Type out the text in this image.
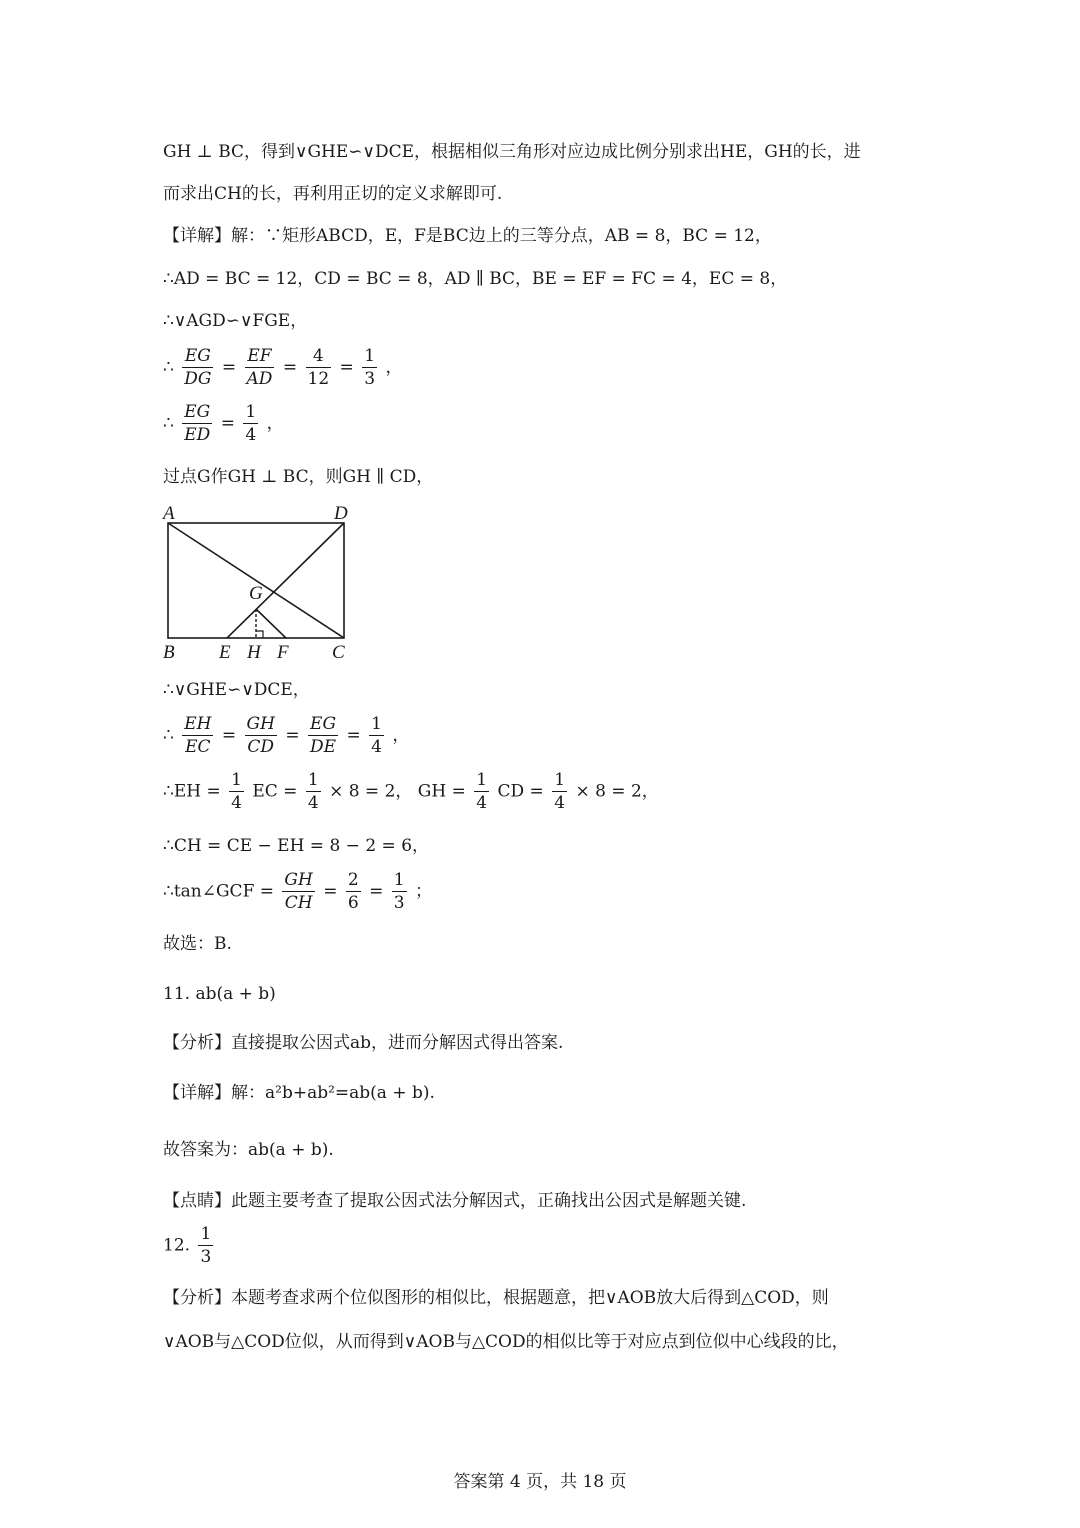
GH ⊥ BC，得到∨GHE∽∨DCE，根据相似三角形对应边成比例分别求出HE，GH的长，进
而求出CH的长，再利用正切的定义求解即可.
【详解】解：∵矩形ABCD，E，F是BC边上的三等分点，AB = 8，BC = 12，
∴AD = BC = 12，CD = BC = 8，AD ∥ BC，BE = EF = FC = 4，EC = 8，
∴∨AGD∽∨FGE，
∴ $\frac{EG}{DG} = \frac{EF}{AD} = \frac{4}{12} = \frac{1}{3}$ ，
∴ $\frac{EG}{ED} = \frac{1}{4}$ ，
过点G作GH ⊥ BC，则GH ∥ CD，
A	D
G
B E H F C
∴∨GHE∽∨DCE，
∴ $\frac{EH}{EC} = \frac{GH}{CD} = \frac{EG}{DE} = \frac{1}{4}$ ，
∴EH = $\frac{1}{4}$ EC = $\frac{1}{4} \times 8 = 2$， GH = $\frac{1}{4}$ CD = $\frac{1}{4} \times 8 = 2$，
∴CH = CE − EH = 8 − 2 = 6，
∴tan∠GCF = $\frac{GH}{CH} = \frac{2}{6} = \frac{1}{3}$ ；
故选：B.
11. ab(a + b)
【分析】直接提取公因式ab，进而分解因式得出答案.
【详解】解：a²b+ab²=ab(a + b).
故答案为：ab(a + b).
【点睛】此题主要考查了提取公因式法分解因式，正确找出公因式是解题关键.
12. $\frac{1}{3}$
【分析】本题考查求两个位似图形的相似比，根据题意，把∨AOB放大后得到△COD，则
∨AOB与△COD位似，从而得到∨AOB与△COD的相似比等于对应点到位似中心线段的比，
答案第 4 页，共 18 页
